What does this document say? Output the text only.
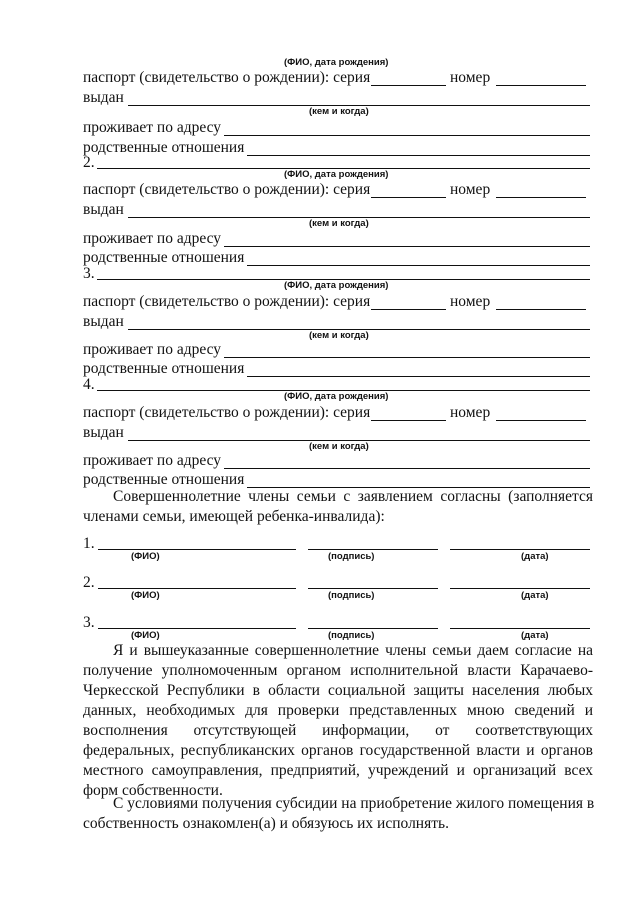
(ФИО, дата рождения)
паспорт (свидетельство о рождении): серия	номер
выдан
(кем и когда)
проживает по адресу
родственные отношения
2.
(ФИО, дата рождения)
паспорт (свидетельство о рождении): серия	номер
выдан
(кем и когда)
проживает по адресу
родственные отношения
3.
(ФИО, дата рождения)
паспорт (свидетельство о рождении): серия	номер
выдан
(кем и когда)
проживает по адресу
родственные отношения
4.
(ФИО, дата рождения)
паспорт (свидетельство о рождении): серия	номер
выдан
(кем и когда)
проживает по адресу
родственные отношения
Совершеннолетние члены семьи с заявлением согласны (заполняется
членами семьи, имеющей ребенка-инвалида):
1.
(ФИО)	(подпись)	(дата)
2.
(ФИО)	(подпись)	(дата)
3.
(ФИО)	(подпись)	(дата)
Я и вышеуказанные совершеннолетние члены семьи даем согласие на
получение уполномоченным органом исполнительной власти Карачаево-
Черкесской Республики в области социальной защиты населения любых
данных, необходимых для проверки представленных мною сведений и
восполнения отсутствующей информации, от соответствующих
федеральных, республиканских органов государственной власти и органов
местного самоуправления, предприятий, учреждений и организаций всех
форм собственности.
С условиями получения субсидии на приобретение жилого помещения в
собственность ознакомлен(а) и обязуюсь их исполнять.
